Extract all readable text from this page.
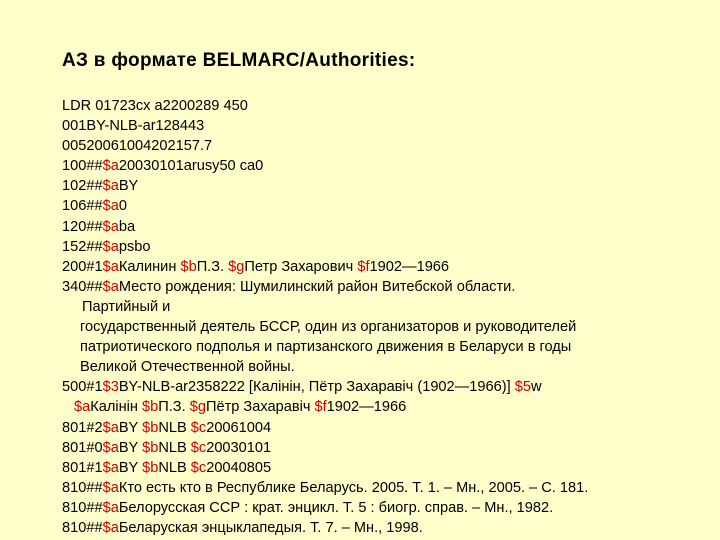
АЗ в формате BELMARC/Authorities:
LDR 01723cx a2200289 450
001BY-NLB-ar128443
00520061004202157.7
100##$a20030101arusy50 ca0
102##$aBY
106##$a0
120##$aba
152##$apsbo
200#1$aКалинин $bП.З. $gПетр Захарович $f1902—1966
340##$aМесто рождения: Шумилинский район Витебской области.
Партийный и
государственный деятель БССР, один из организаторов и руководителей
патриотического подполья и партизанского движения в Беларуси в годы
Великой Отечественной войны.
500#1$3BY-NLB-ar2358222 [Калінін, Пётр Захаравіч (1902—1966)] $5w
$aКалінін $bП.З. $gПётр Захаравіч $f1902—1966
801#2$aBY $bNLB $c20061004
801#0$aBY $bNLB $c20030101
801#1$aBY $bNLB $c20040805
810##$aКто есть кто в Республике Беларусь. 2005. Т. 1. – Мн., 2005. – С. 181.
810##$aБелорусская ССР : крат. энцикл. Т. 5 : биогр. справ. – Мн., 1982.
810##$aБеларуская энцыклапедыя. Т. 7. – Мн., 1998.
